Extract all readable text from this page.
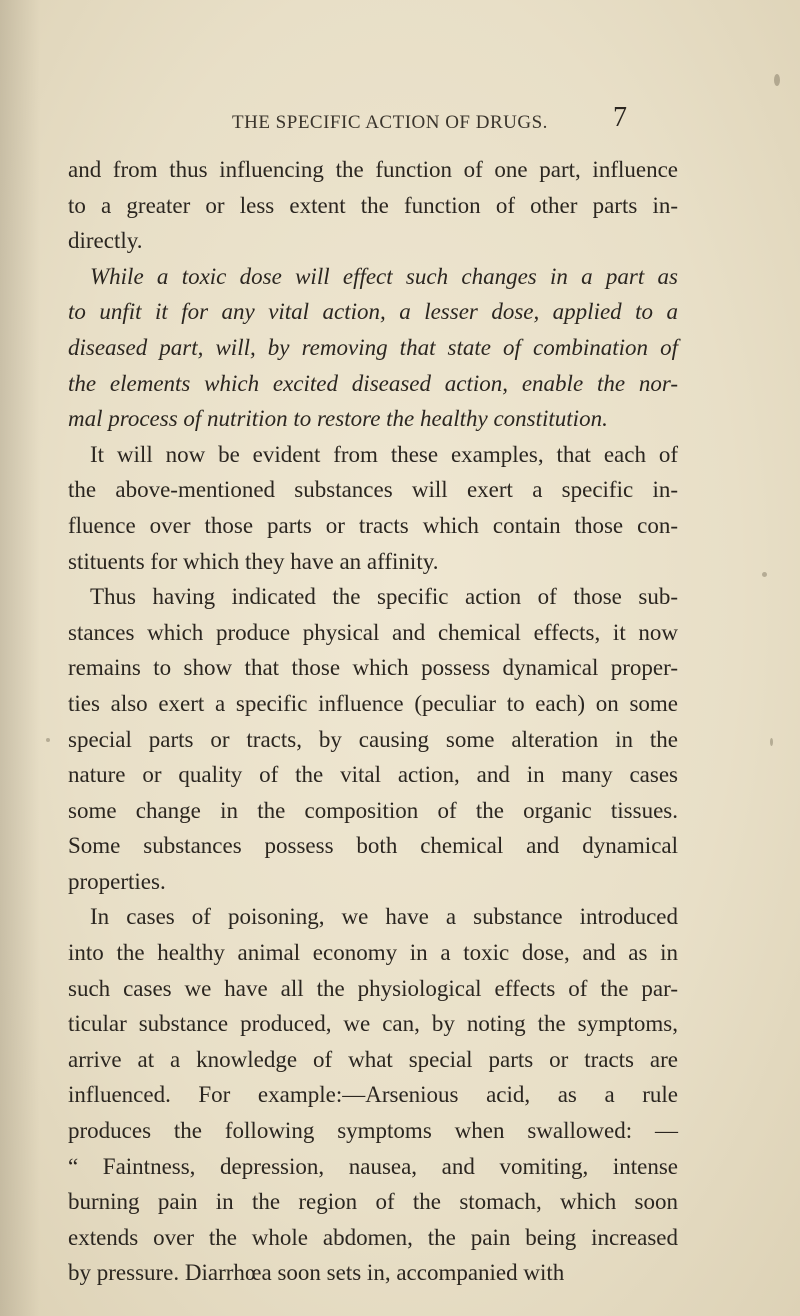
THE SPECIFIC ACTION OF DRUGS. 7

and from thus influencing the function of one part, influence
to a greater or less extent the function of other parts in-
directly.

While a toxic dose will effect such changes in a part as
to unfit it for any vital action, a lesser dose, applied to a
diseased part, will, by removing that state of combination of
the elements which excited diseased action, enable the nor-
mal process of nutrition to restore the healthy constitution.

It will now be evident from these examples, that each of
the above-mentioned substances will exert a specific in-
fluence over those parts or tracts which contain those con-
stituents for which they have an affinity.

Thus having indicated the specific action of those sub-
stances which produce physical and chemical effects, it now
remains to show that those which possess dynamical proper-
ties also exert a specific influence (peculiar to each) on some
special parts or tracts, by causing some alteration in the
nature or quality of the vital action, and in many cases
some change in the composition of the organic tissues.
Some substances possess both chemical and dynamical
properties.

In cases of poisoning, we have a substance introduced
into the healthy animal economy in a toxic dose, and as in
such cases we have all the physiological effects of the par-
ticular substance produced, we can, by noting the symptoms,
arrive at a knowledge of what special parts or tracts are
influenced. For example:—Arsenious acid, as a rule
produces the following symptoms when swallowed: —
“ Faintness, depression, nausea, and vomiting, intense
burning pain in the region of the stomach, which soon
extends over the whole abdomen, the pain being increased
by pressure. Diarrhœa soon sets in, accompanied with
